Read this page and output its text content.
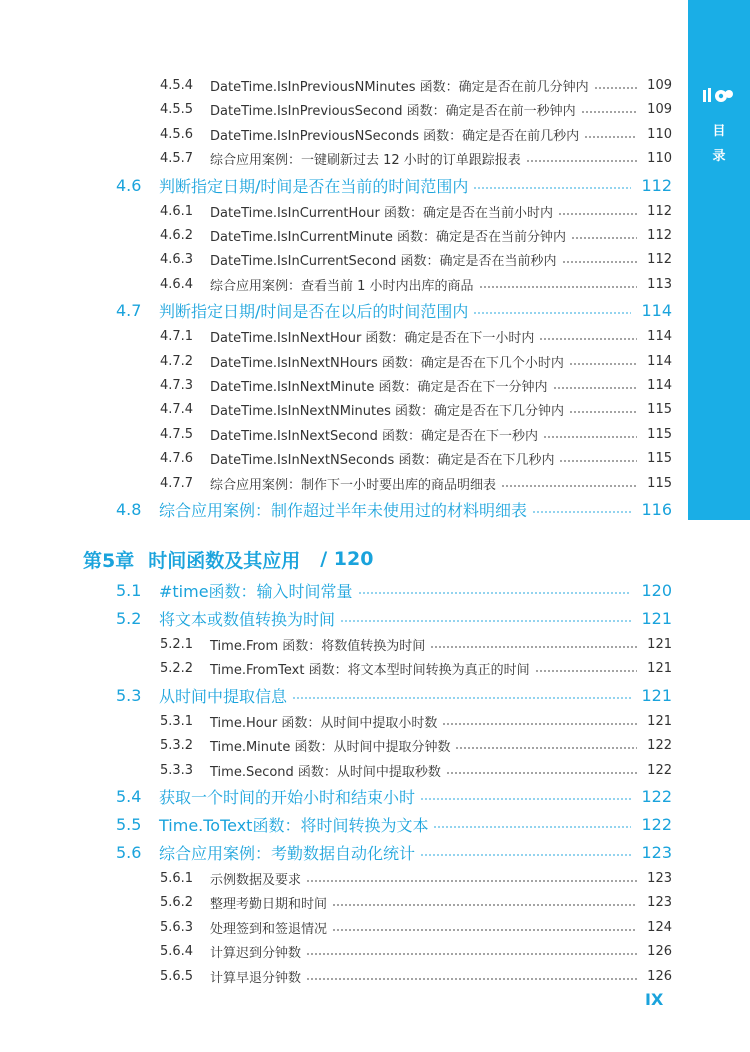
目
录
4.5.4	DateTime.IsInPreviousNMinutes 函数：确定是否在前几分钟内	109
4.5.5	DateTime.IsInPreviousSecond 函数：确定是否在前一秒钟内	109
4.5.6	DateTime.IsInPreviousNSeconds 函数：确定是否在前几秒内	110
4.5.7	综合应用案例：一键刷新过去 12 小时的订单跟踪报表	110
4.6	判断指定日期/时间是否在当前的时间范围内	112
4.6.1	DateTime.IsInCurrentHour 函数：确定是否在当前小时内	112
4.6.2	DateTime.IsInCurrentMinute 函数：确定是否在当前分钟内	112
4.6.3	DateTime.IsInCurrentSecond 函数：确定是否在当前秒内	112
4.6.4	综合应用案例：查看当前 1 小时内出库的商品	113
4.7	判断指定日期/时间是否在以后的时间范围内	114
4.7.1	DateTime.IsInNextHour 函数：确定是否在下一小时内	114
4.7.2	DateTime.IsInNextNHours 函数：确定是否在下几个小时内	114
4.7.3	DateTime.IsInNextMinute 函数：确定是否在下一分钟内	114
4.7.4	DateTime.IsInNextNMinutes 函数：确定是否在下几分钟内	115
4.7.5	DateTime.IsInNextSecond 函数：确定是否在下一秒内	115
4.7.6	DateTime.IsInNextNSeconds 函数：确定是否在下几秒内	115
4.7.7	综合应用案例：制作下一小时要出库的商品明细表	115
4.8	综合应用案例：制作超过半年未使用过的材料明细表	116
第5章 时间函数及其应用 / 120
5.1	#time函数：输入时间常量	120
5.2	将文本或数值转换为时间	121
5.2.1	Time.From 函数：将数值转换为时间	121
5.2.2	Time.FromText 函数：将文本型时间转换为真正的时间	121
5.3	从时间中提取信息	121
5.3.1	Time.Hour 函数：从时间中提取小时数	121
5.3.2	Time.Minute 函数：从时间中提取分钟数	122
5.3.3	Time.Second 函数：从时间中提取秒数	122
5.4	获取一个时间的开始小时和结束小时	122
5.5	Time.ToText函数：将时间转换为文本	122
5.6	综合应用案例：考勤数据自动化统计	123
5.6.1	示例数据及要求	123
5.6.2	整理考勤日期和时间	123
5.6.3	处理签到和签退情况	124
5.6.4	计算迟到分钟数	126
5.6.5	计算早退分钟数	126
IX
